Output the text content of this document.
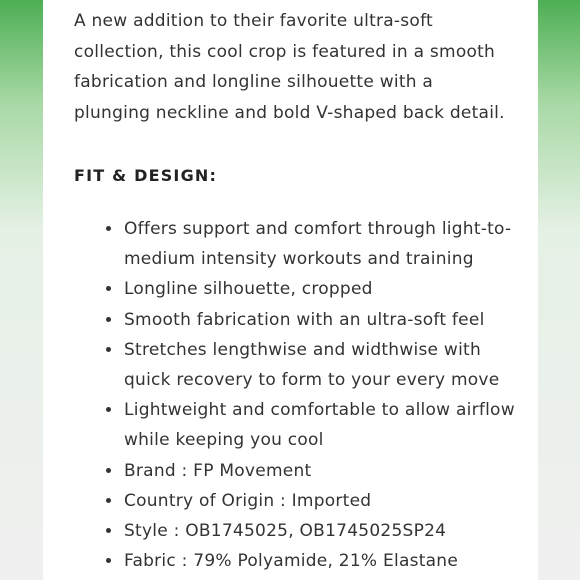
A new addition to their favorite ultra-soft collection, this cool crop is featured in a smooth fabrication and longline silhouette with a plunging neckline and bold V-shaped back detail.

FIT & DESIGN:
Offers support and comfort through light-to-medium intensity workouts and training
Longline silhouette, cropped
Smooth fabrication with an ultra-soft feel
Stretches lengthwise and widthwise with quick recovery to form to your every move
Lightweight and comfortable to allow airflow while keeping you cool
Brand : FP Movement
Country of Origin : Imported
Style : OB1745025, OB1745025SP24
Fabric : 79% Polyamide, 21% Elastane
